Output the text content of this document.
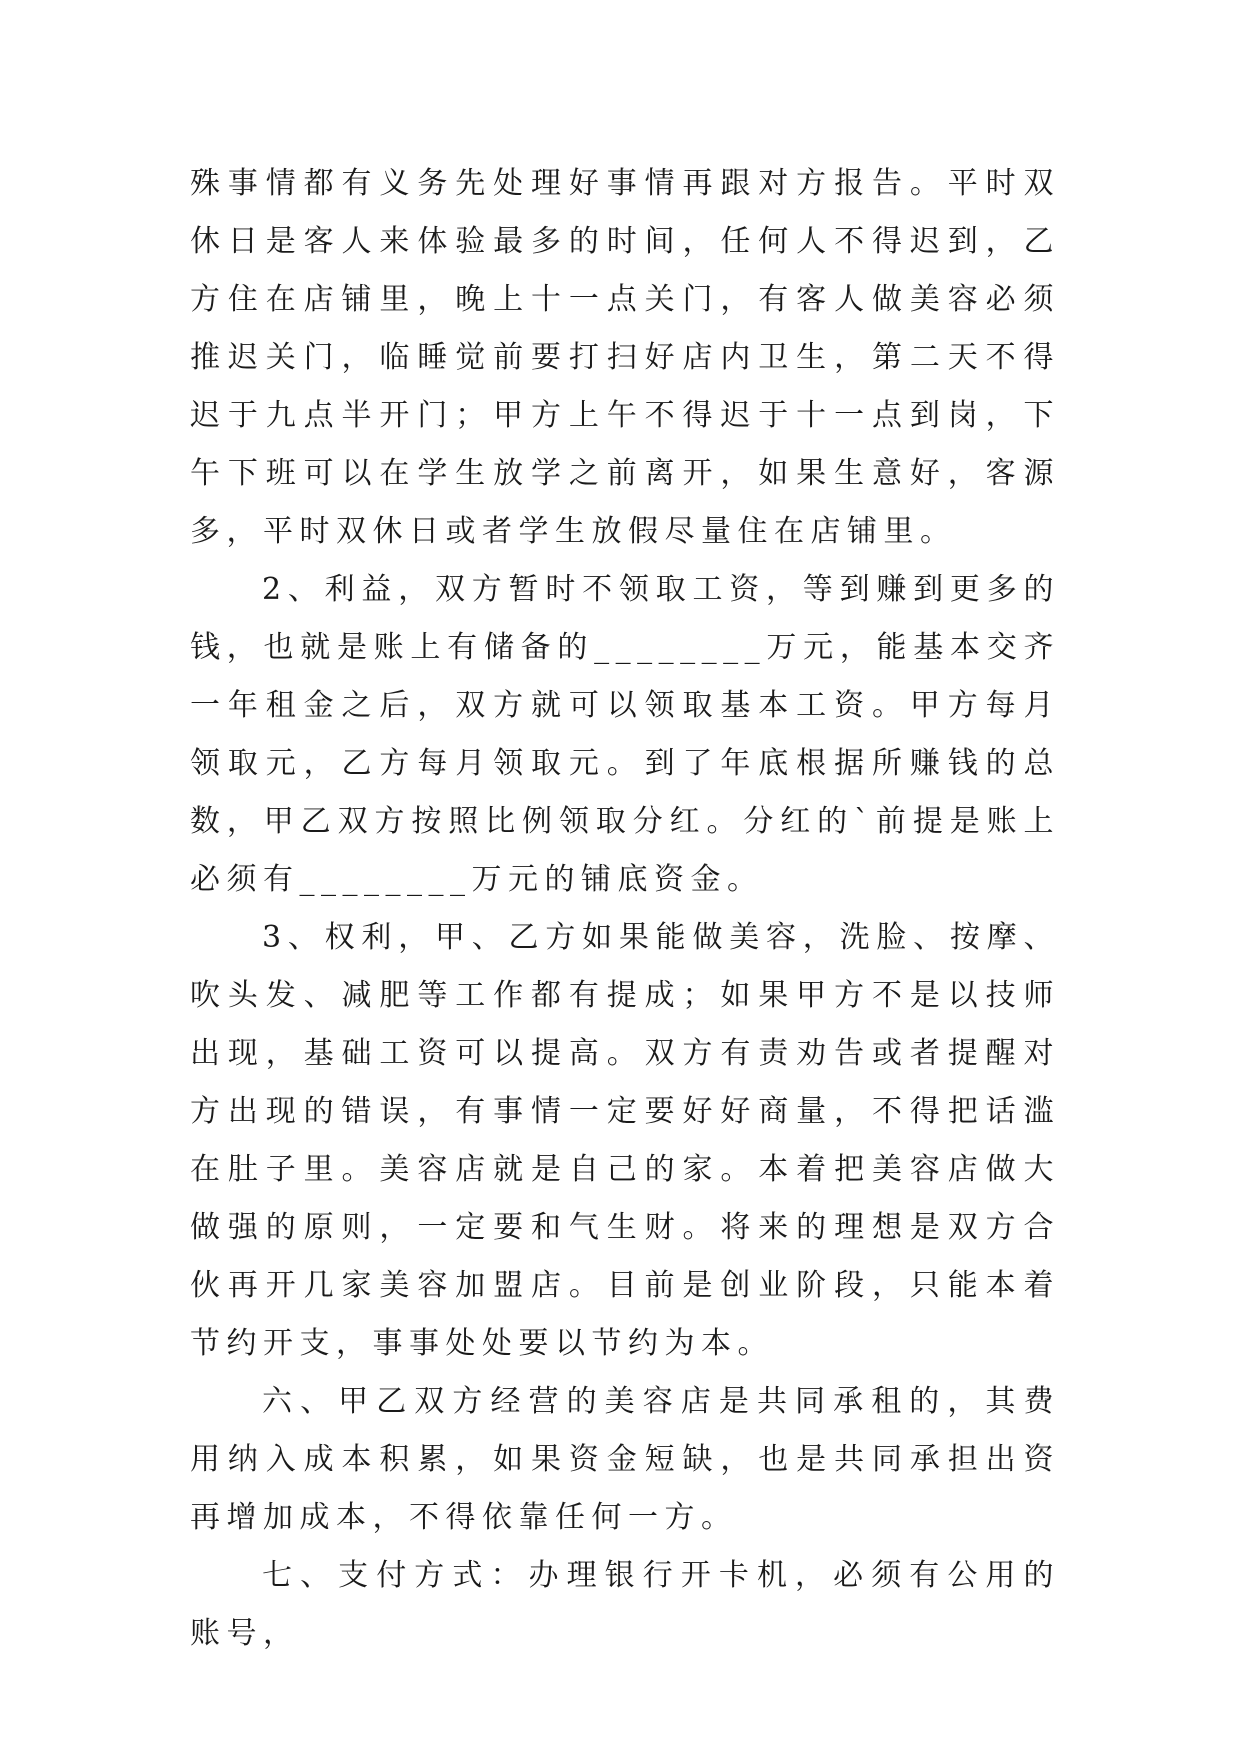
殊事情都有义务先处理好事情再跟对方报告。平时双休日是客人来体验最多的时间，任何人不得迟到，乙方住在店铺里，晚上十一点关门，有客人做美容必须推迟关门，临睡觉前要打扫好店内卫生，第二天不得迟于九点半开门；甲方上午不得迟于十一点到岗，下午下班可以在学生放学之前离开，如果生意好，客源多，平时双休日或者学生放假尽量住在店铺里。

2、利益，双方暂时不领取工资，等到赚到更多的钱，也就是账上有储备的________万元，能基本交齐一年租金之后，双方就可以领取基本工资。甲方每月领取元，乙方每月领取元。到了年底根据所赚钱的总数，甲乙双方按照比例领取分红。分红的`前提是账上必须有________万元的铺底资金。

3、权利，甲、乙方如果能做美容，洗脸、按摩、吹头发、减肥等工作都有提成；如果甲方不是以技师出现，基础工资可以提高。双方有责劝告或者提醒对方出现的错误，有事情一定要好好商量，不得把话滥在肚子里。美容店就是自己的家。本着把美容店做大做强的原则，一定要和气生财。将来的理想是双方合伙再开几家美容加盟店。目前是创业阶段，只能本着节约开支，事事处处要以节约为本。

六、甲乙双方经营的美容店是共同承租的，其费用纳入成本积累，如果资金短缺，也是共同承担出资再增加成本，不得依靠任何一方。

七、支付方式：办理银行开卡机，必须有公用的账号，
